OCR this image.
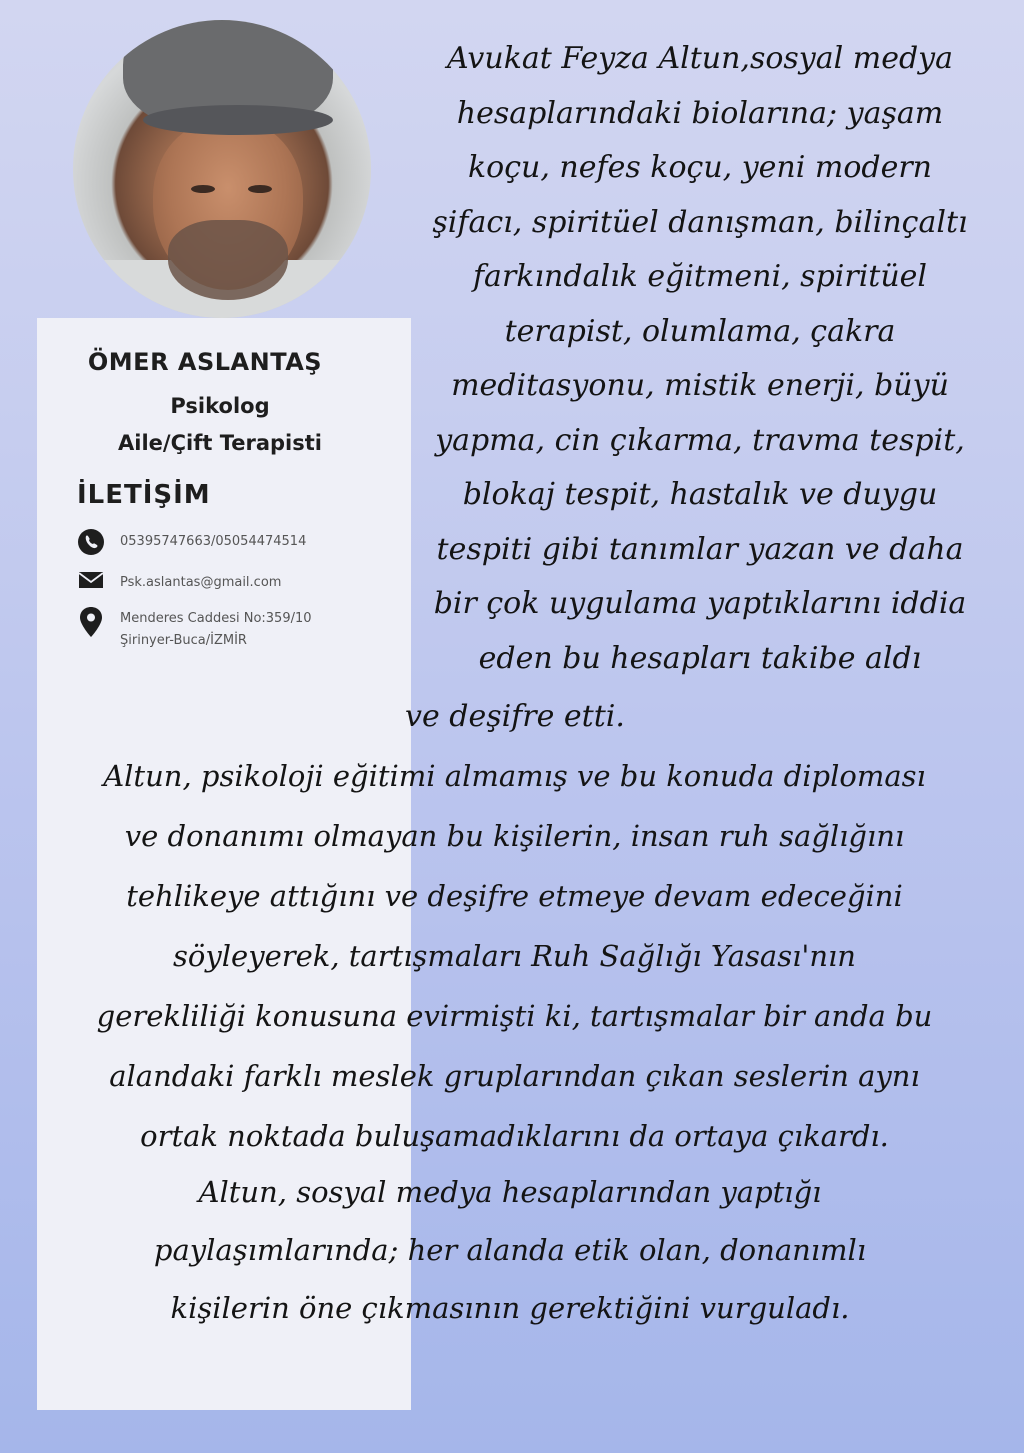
ÖMER ASLANTAŞ
Psikolog
Aile/Çift Terapisti
İLETİŞİM
05395747663/05054474514
Psk.aslantas@gmail.com
Menderes Caddesi No:359/10
Şirinyer-Buca/İZMİR
Avukat Feyza Altun,sosyal medya
hesaplarındaki biolarına; yaşam
koçu, nefes koçu, yeni modern
şifacı, spiritüel danışman, bilinçaltı
farkındalık eğitmeni, spiritüel
terapist, olumlama, çakra
meditasyonu, mistik enerji, büyü
yapma, cin çıkarma, travma tespit,
blokaj tespit, hastalık ve duygu
tespiti gibi tanımlar yazan ve daha
bir çok uygulama yaptıklarını iddia
eden bu hesapları takibe aldı
ve deşifre etti.
Altun, psikoloji eğitimi almamış ve bu konuda diploması
ve donanımı olmayan bu kişilerin, insan ruh sağlığını
tehlikeye attığını ve deşifre etmeye devam edeceğini
söyleyerek, tartışmaları Ruh Sağlığı Yasası'nın
gerekliliği konusuna evirmişti ki, tartışmalar bir anda bu
alandaki farklı meslek gruplarından çıkan seslerin aynı
ortak noktada buluşamadıklarını da ortaya çıkardı.
Altun, sosyal medya hesaplarından yaptığı
paylaşımlarında; her alanda etik olan, donanımlı
kişilerin öne çıkmasının gerektiğini vurguladı.
